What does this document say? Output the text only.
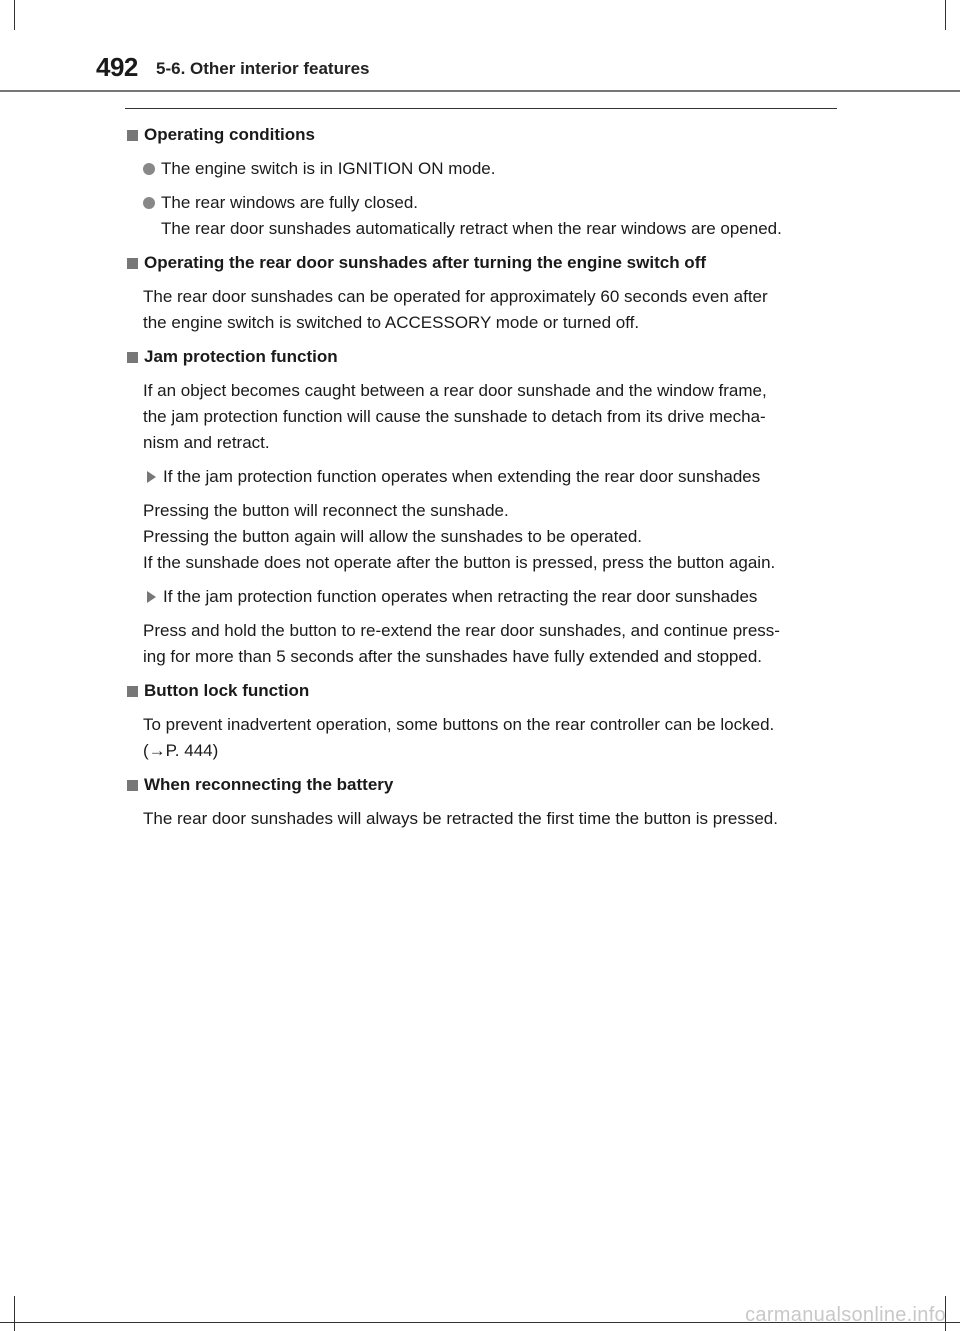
492 5-6. Other interior features
Operating conditions
The engine switch is in IGNITION ON mode.
The rear windows are fully closed.
The rear door sunshades automatically retract when the rear windows are opened.
Operating the rear door sunshades after turning the engine switch off
The rear door sunshades can be operated for approximately 60 seconds even after
the engine switch is switched to ACCESSORY mode or turned off.
Jam protection function
If an object becomes caught between a rear door sunshade and the window frame,
the jam protection function will cause the sunshade to detach from its drive mecha-
nism and retract.
If the jam protection function operates when extending the rear door sunshades
Pressing the button will reconnect the sunshade.
Pressing the button again will allow the sunshades to be operated.
If the sunshade does not operate after the button is pressed, press the button again.
If the jam protection function operates when retracting the rear door sunshades
Press and hold the button to re-extend the rear door sunshades, and continue press-
ing for more than 5 seconds after the sunshades have fully extended and stopped.
Button lock function
To prevent inadvertent operation, some buttons on the rear controller can be locked.
(→P. 444)
When reconnecting the battery
The rear door sunshades will always be retracted the first time the button is pressed.
carmanualsonline.info
